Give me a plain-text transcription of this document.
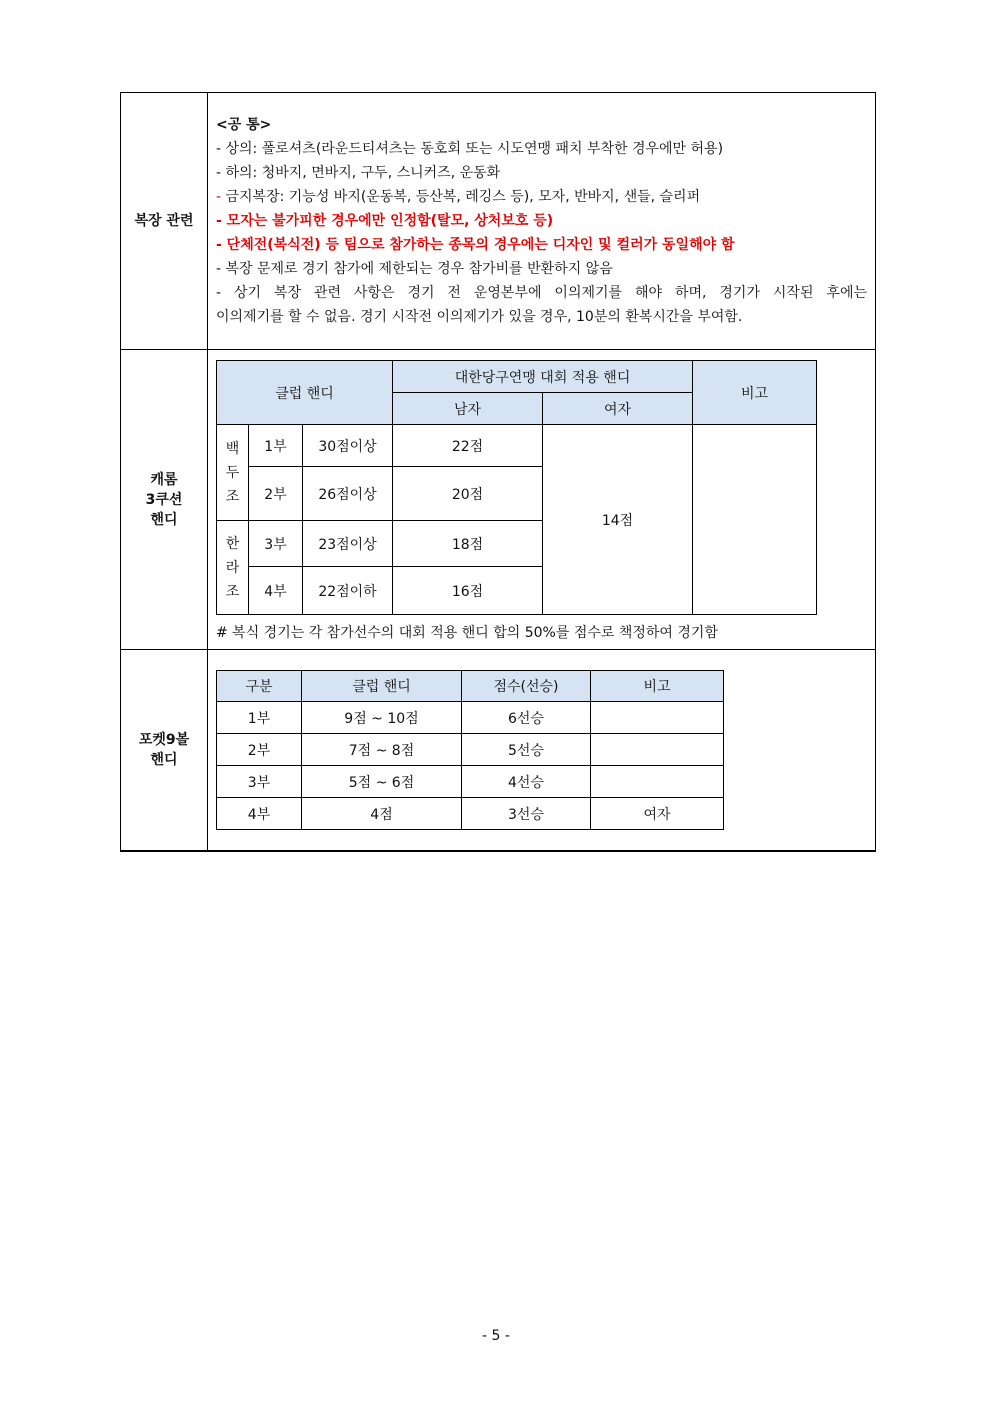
복장 관련	
<공 통>
- 상의: 폴로셔츠(라운드티셔츠는 동호회 또는 시도연맹 패치 부착한 경우에만 허용)
- 하의: 청바지, 면바지, 구두, 스니커즈, 운동화
- 금지복장: 기능성 바지(운동복, 등산복, 레깅스 등), 모자, 반바지, 샌들, 슬리퍼
- 모자는 불가피한 경우에만 인정함(탈모, 상처보호 등)
- 단체전(복식전) 등 팀으로 참가하는 종목의 경우에는 디자인 및 컬러가 동일해야 함
- 복장 문제로 경기 참가에 제한되는 경우 참가비를 반환하지 않음
- 상기 복장 관련 사항은 경기 전 운영본부에 이의제기를 해야 하며, 경기가 시작된 후에는
이의제기를 할 수 없음. 경기 시작전 이의제기가 있을 경우, 10분의 환복시간을 부여함.

캐롬
3쿠션
핸디

클럽 핸디	대한당구연맹 대회 적용 핸디	비고
남자	여자

백
두
조
	1부	30점이상	22점	14점	
2부	26점이상	20점

한
라
조
	3부	23점이상	18점
4부	22점이하	16점
# 복식 경기는 각 참가선수의 대회 적용 핸디 합의 50%를 점수로 책정하여 경기함

포켓9볼
핸디

구분	클럽 핸디	점수(선승)	비고
1부	9점 ~ 10점	6선승	
2부	7점 ~ 8점	5선승	
3부	5점 ~ 6점	4선승	
4부	4점	3선승	여자
- 5 -
